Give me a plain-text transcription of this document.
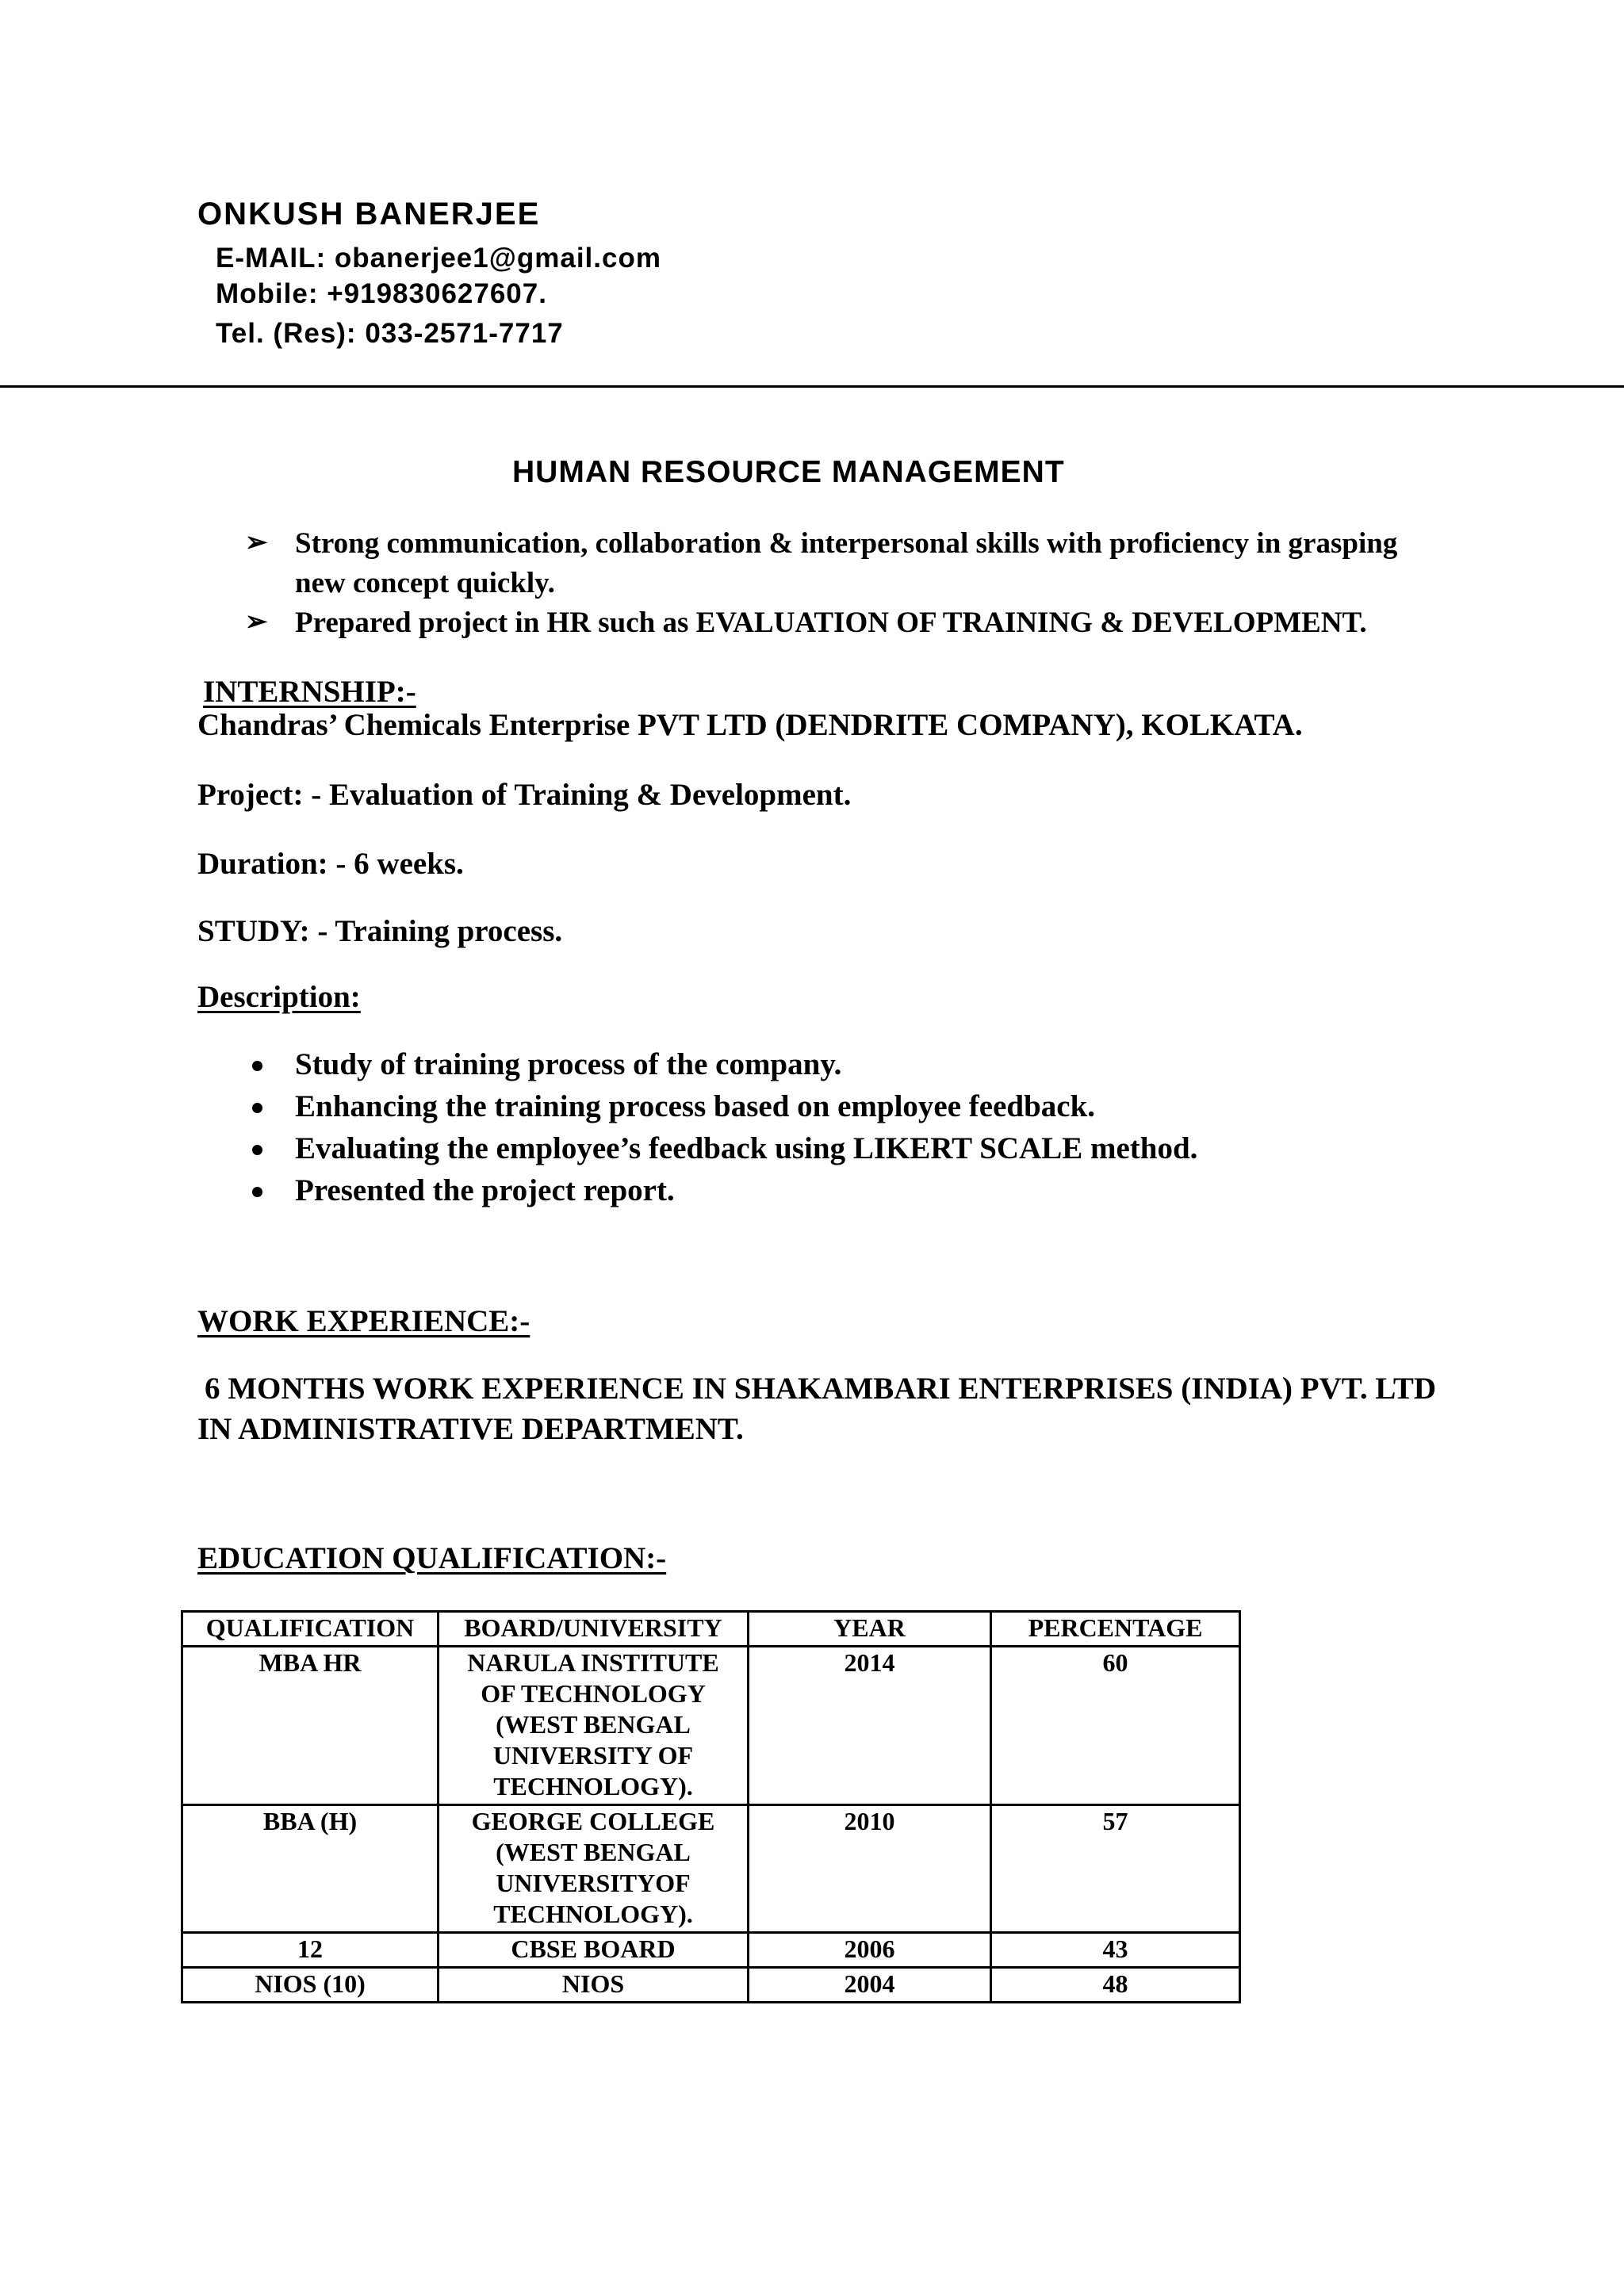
ONKUSH BANERJEE
E-MAIL: obanerjee1@gmail.com
Mobile: +919830627607.
Tel. (Res): 033-2571-7717
HUMAN RESOURCE MANAGEMENT
➢ Strong communication, collaboration & interpersonal skills with proficiency in grasping
new concept quickly.
➢ Prepared project in HR such as EVALUATION OF TRAINING & DEVELOPMENT.
INTERNSHIP:-
Chandras’ Chemicals Enterprise PVT LTD (DENDRITE COMPANY), KOLKATA.
Project: - Evaluation of Training & Development.
Duration: - 6 weeks.
STUDY: - Training process.
Description:
Study of training process of the company.
Enhancing the training process based on employee feedback.
Evaluating the employee’s feedback using LIKERT SCALE method.
Presented the project report.
WORK EXPERIENCE:-
6 MONTHS WORK EXPERIENCE IN SHAKAMBARI ENTERPRISES (INDIA) PVT. LTD
IN ADMINISTRATIVE DEPARTMENT.
EDUCATION QUALIFICATION:-
QUALIFICATION	BOARD/UNIVERSITY	YEAR	PERCENTAGE
MBA HR	NARULA INSTITUTE
OF TECHNOLOGY
(WEST BENGAL
UNIVERSITY OF
TECHNOLOGY).	2014	60
BBA (H)	GEORGE COLLEGE
(WEST BENGAL
UNIVERSITYOF
TECHNOLOGY).	2010	57
12	CBSE BOARD	2006	43
NIOS (10)	NIOS	2004	48
